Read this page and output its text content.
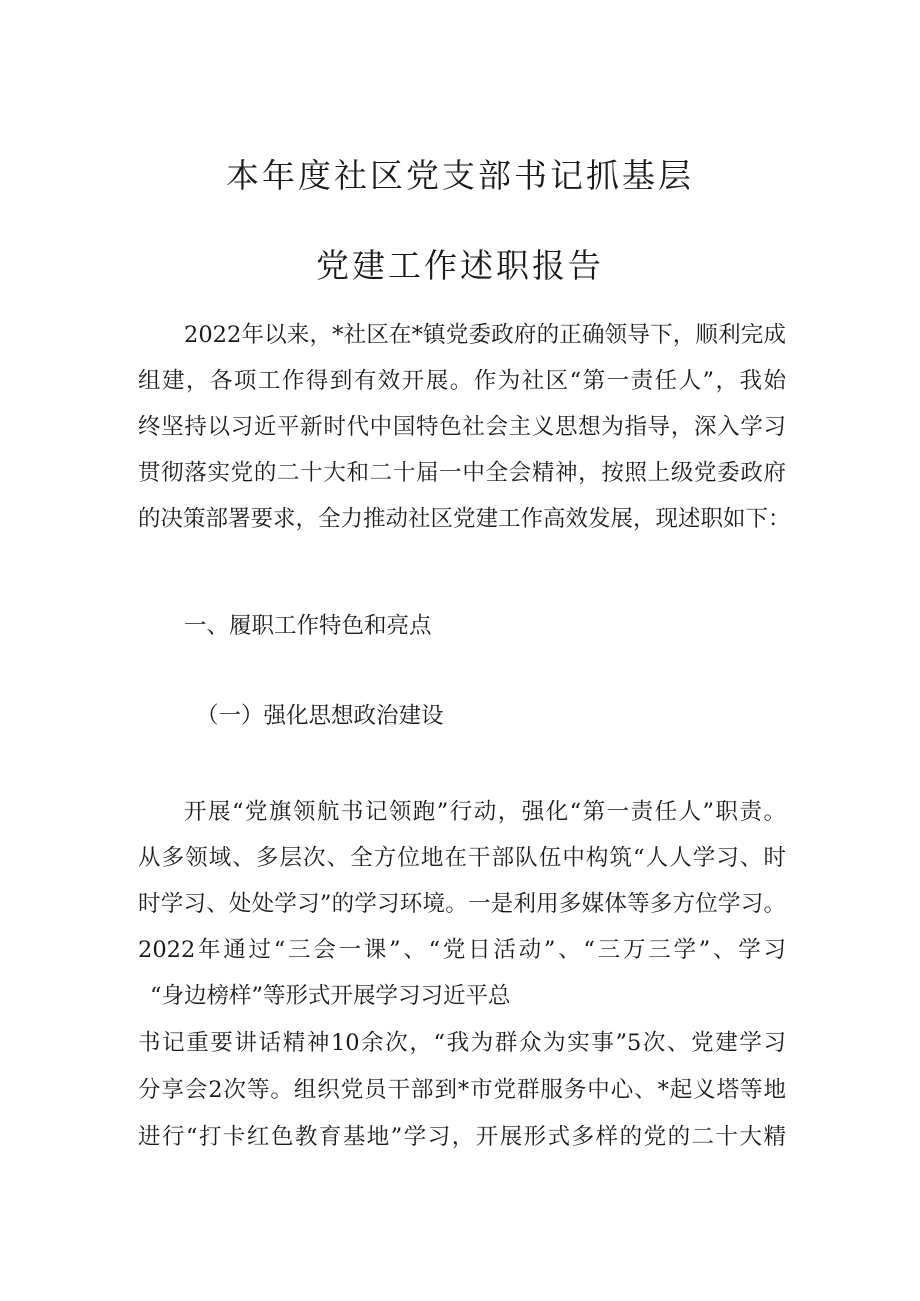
本年度社区党支部书记抓基层
党建工作述职报告

2022年以来，*社区在*镇党委政府的正确领导下，顺利完成

组建，各项工作得到有效开展。作为社区“第一责任人”，我始

终坚持以习近平新时代中国特色社会主义思想为指导，深入学习

贯彻落实党的二十大和二十届一中全会精神，按照上级党委政府

的决策部署要求，全力推动社区党建工作高效发展，现述职如下：

一、履职工作特色和亮点

（一）强化思想政治建设

开展“党旗领航书记领跑”行动，强化“第一责任人”职责。

从多领域、多层次、全方位地在干部队伍中构筑“人人学习、时

时学习、处处学习”的学习环境。一是利用多媒体等多方位学习。

2022年通过“三会一课”、“党日活动”、“三万三学”、学习

“身边榜样”等形式开展学习习近平总

书记重要讲话精神10余次，“我为群众为实事”5次、党建学习

分享会2次等。组织党员干部到*市党群服务中心、*起义塔等地

进行“打卡红色教育基地”学习，开展形式多样的党的二十大精
